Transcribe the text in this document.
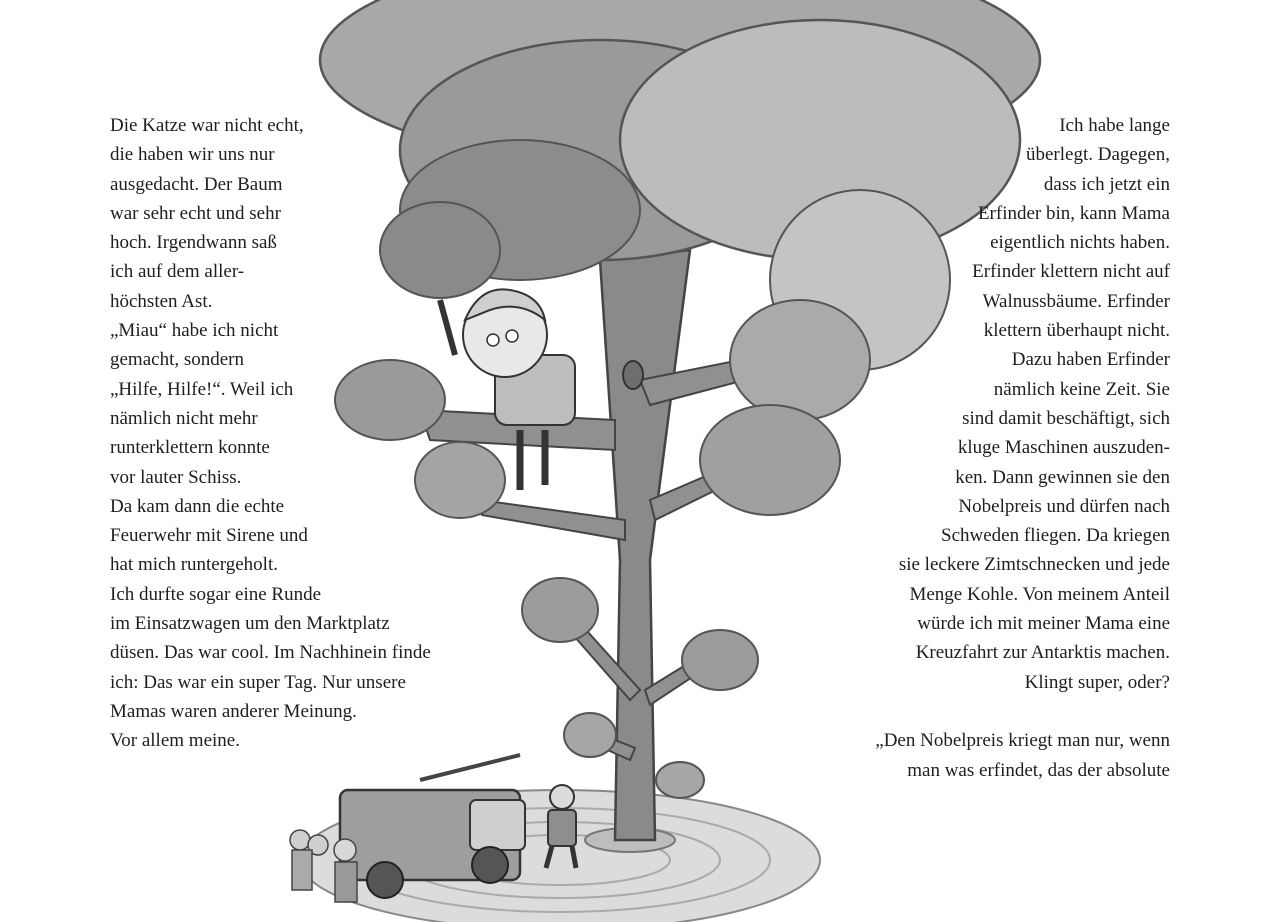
Die Katze war nicht echt,
die haben wir uns nur
ausgedacht. Der Baum
war sehr echt und sehr
hoch. Irgendwann saß
ich auf dem aller-
höchsten Ast.
„Miau“ habe ich nicht
gemacht, sondern
„Hilfe, Hilfe!“. Weil ich
nämlich nicht mehr
runterklettern konnte
vor lauter Schiss.
Da kam dann die echte
Feuerwehr mit Sirene und
hat mich runtergeholt.
Ich durfte sogar eine Runde
im Einsatzwagen um den Marktplatz
düsen. Das war cool. Im Nachhinein finde
ich: Das war ein super Tag. Nur unsere
Mamas waren anderer Meinung.
Vor allem meine.
Ich habe lange
überlegt. Dagegen,
dass ich jetzt ein
Erfinder bin, kann Mama
eigentlich nichts haben.
Erfinder klettern nicht auf
Walnussbäume. Erfinder
klettern überhaupt nicht.
Dazu haben Erfinder
nämlich keine Zeit. Sie
sind damit beschäftigt, sich
kluge Maschinen auszuden-
ken. Dann gewinnen sie den
Nobelpreis und dürfen nach
Schweden fliegen. Da kriegen
sie leckere Zimtschnecken und jede
Menge Kohle. Von meinem Anteil
würde ich mit meiner Mama eine
Kreuzfahrt zur Antarktis machen.
Klingt super, oder?
„Den Nobelpreis kriegt man nur, wenn
man was erfindet, das der absolute
